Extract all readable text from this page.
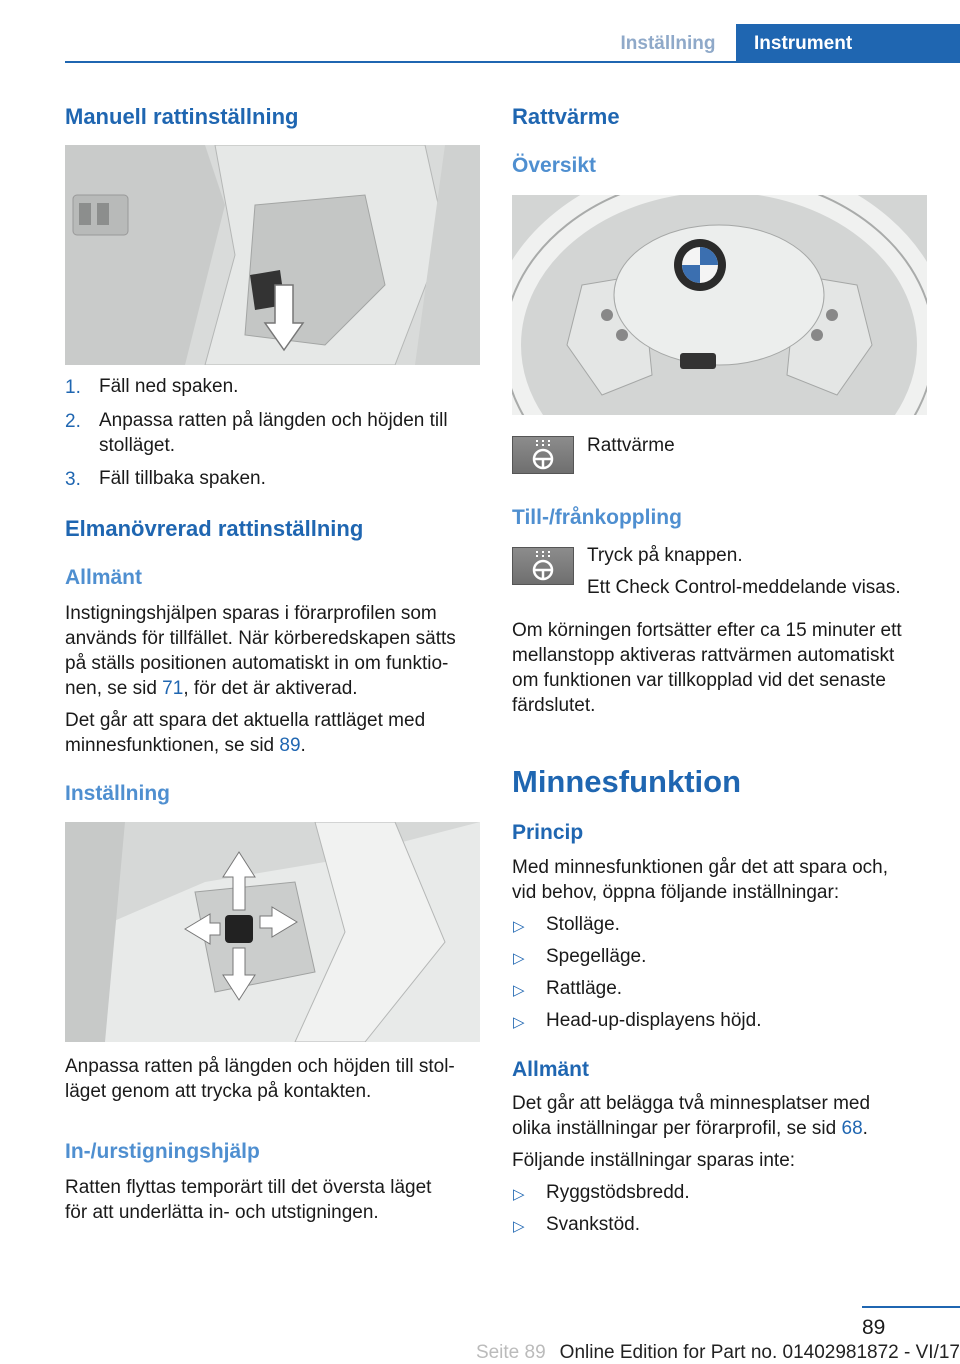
Inställning	Instrument
Manuell rattinställning
1. Fäll ned spaken.
2. Anpassa ratten på längden och höjden till
stolläget.
3. Fäll tillbaka spaken.
Elmanövrerad rattinställning
Allmänt
Instigningshjälpen sparas i förarprofilen som
används för tillfället. När körberedskapen sätts
på ställs positionen automatiskt in om funktio‐
nen, se sid 71, för det är aktiverad.
Det går att spara det aktuella rattläget med
minnesfunktionen, se sid 89.
Inställning
Anpassa ratten på längden och höjden till stol‐
läget genom att trycka på kontakten.
In-/urstigningshjälp
Ratten flyttas temporärt till det översta läget
för att underlätta in- och utstigningen.
Rattvärme
Översikt
Rattvärme
Till-/frånkoppling
Tryck på knappen.
Ett Check Control-meddelande visas.
Om körningen fortsätter efter ca 15 minuter ett
mellanstopp aktiveras rattvärmen automatiskt
om funktionen var tillkopplad vid det senaste
färdslutet.
Minnesfunktion
Princip
Med minnesfunktionen går det att spara och,
vid behov, öppna följande inställningar:
▷ Stolläge.
▷ Spegelläge.
▷ Rattläge.
▷ Head-up-displayens höjd.
Allmänt
Det går att belägga två minnesplatser med
olika inställningar per förarprofil, se sid 68.
Följande inställningar sparas inte:
▷ Ryggstödsbredd.
▷ Svankstöd.
89
Seite 89 Online Edition for Part no. 01402981872 - VI/17
